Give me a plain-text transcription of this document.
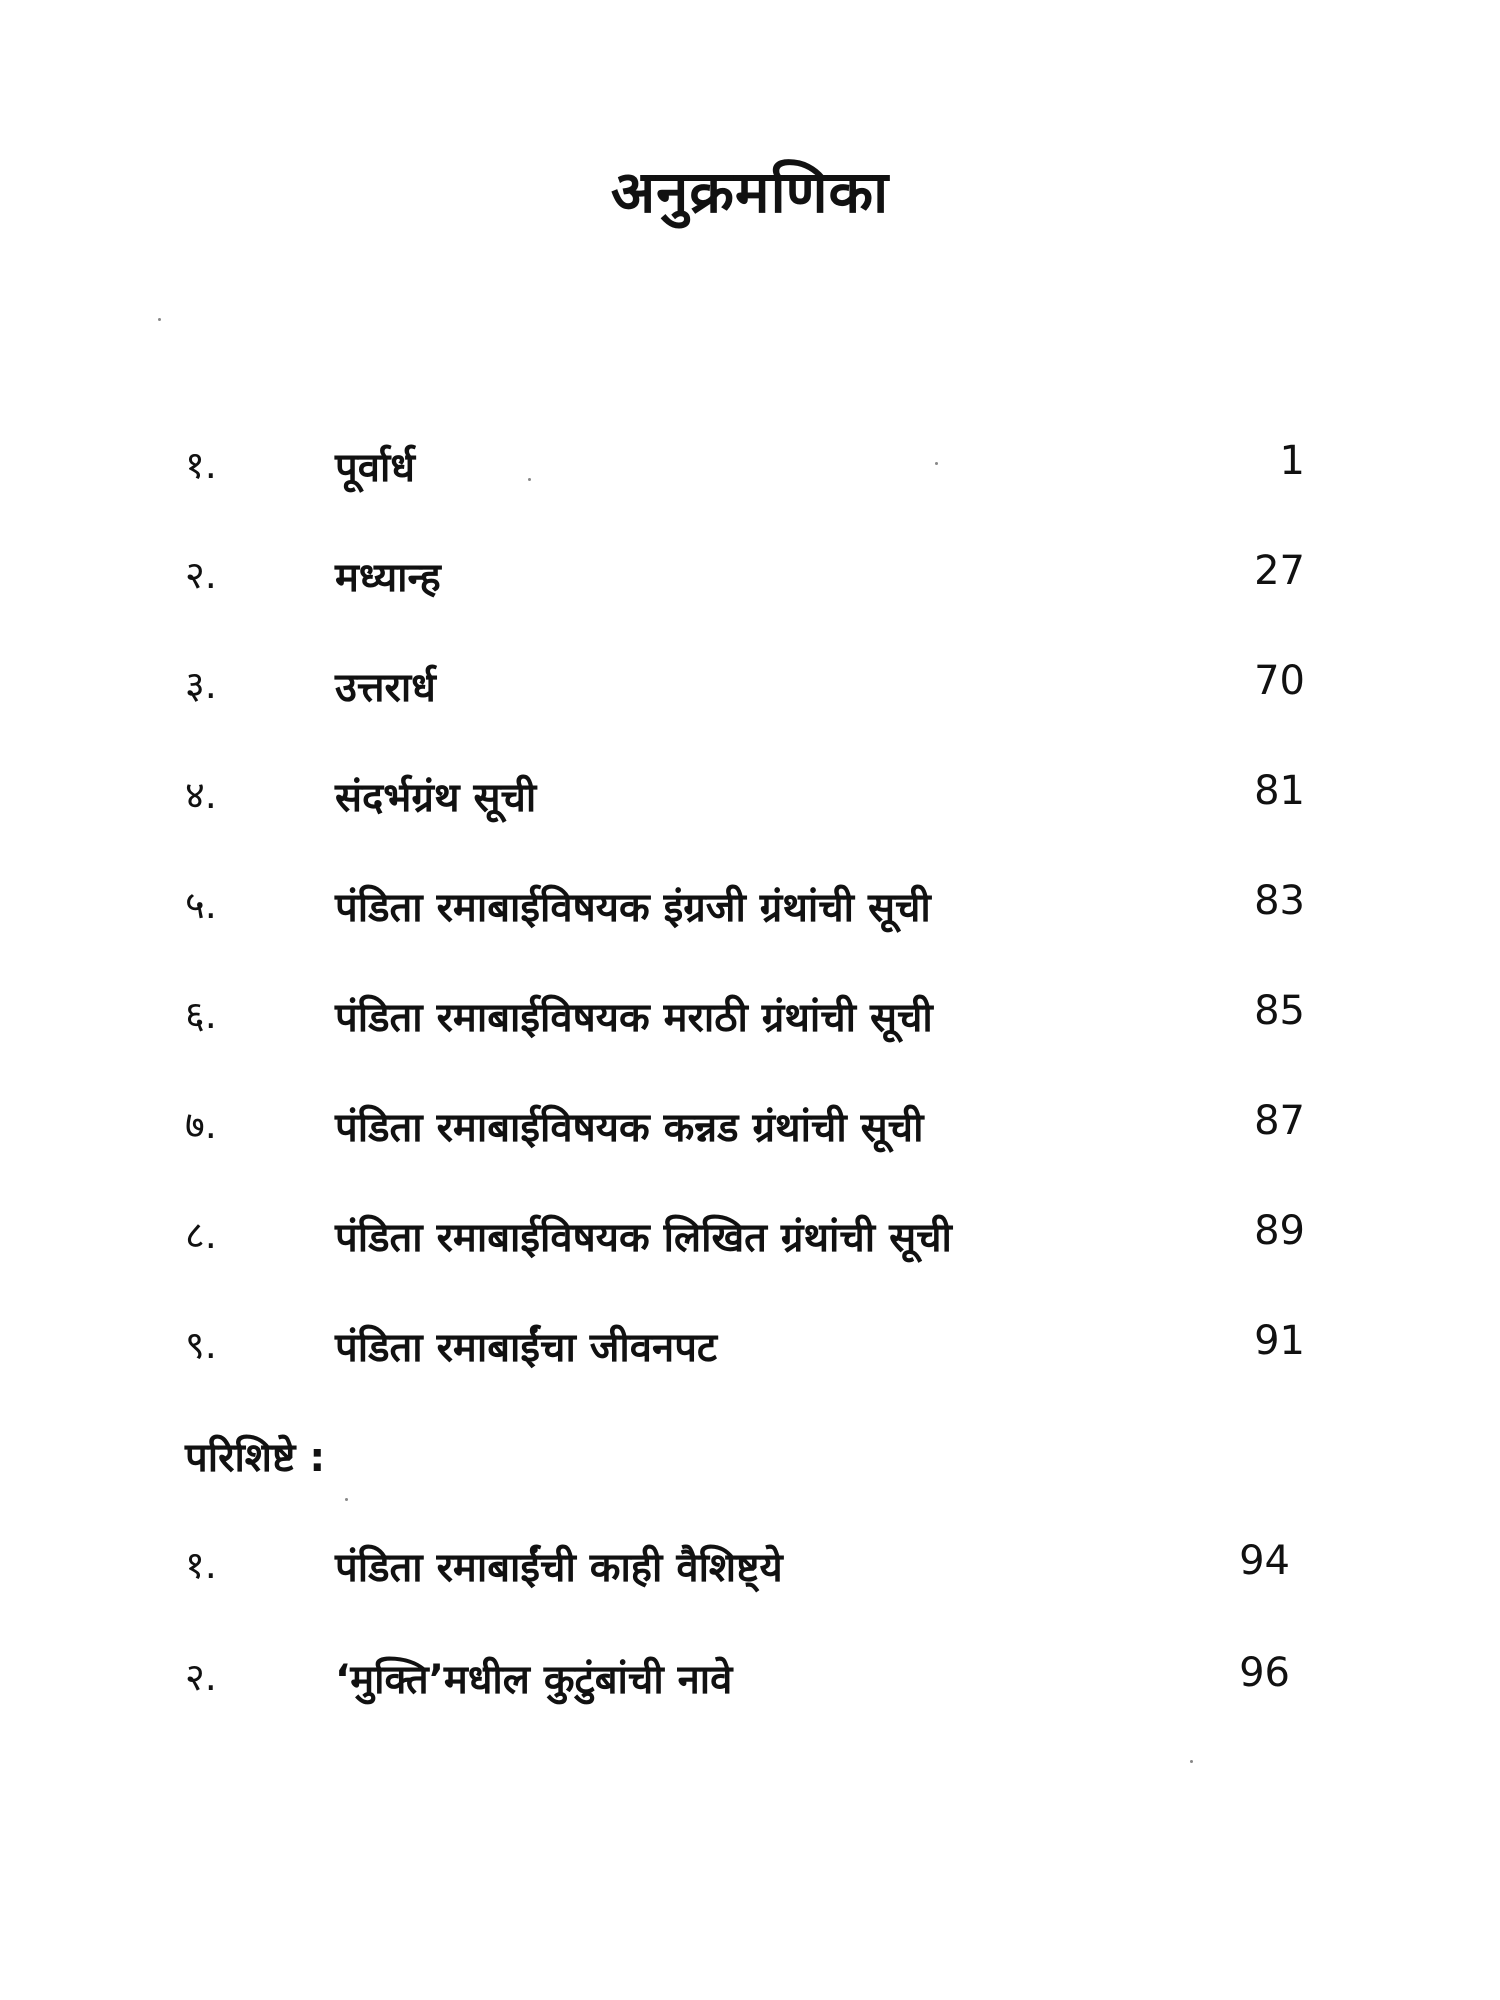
अनुक्रमणिका
१.	पूर्वार्ध	1
२.	मध्यान्ह	27
३.	उत्तरार्ध	70
४.	संदर्भग्रंथ सूची	81
५.	पंडिता रमाबाईविषयक इंग्रजी ग्रंथांची सूची	83
६.	पंडिता रमाबाईविषयक मराठी ग्रंथांची सूची	85
७.	पंडिता रमाबाईविषयक कन्नड ग्रंथांची सूची	87
८.	पंडिता रमाबाईविषयक लिखित ग्रंथांची सूची	89
९.	पंडिता रमाबाईंचा जीवनपट	91
परिशिष्टे :
१.	पंडिता रमाबाईंची काही वैशिष्ट्ये	94
२.	‘मुक्ति’मधील कुटुंबांची नावे	96
